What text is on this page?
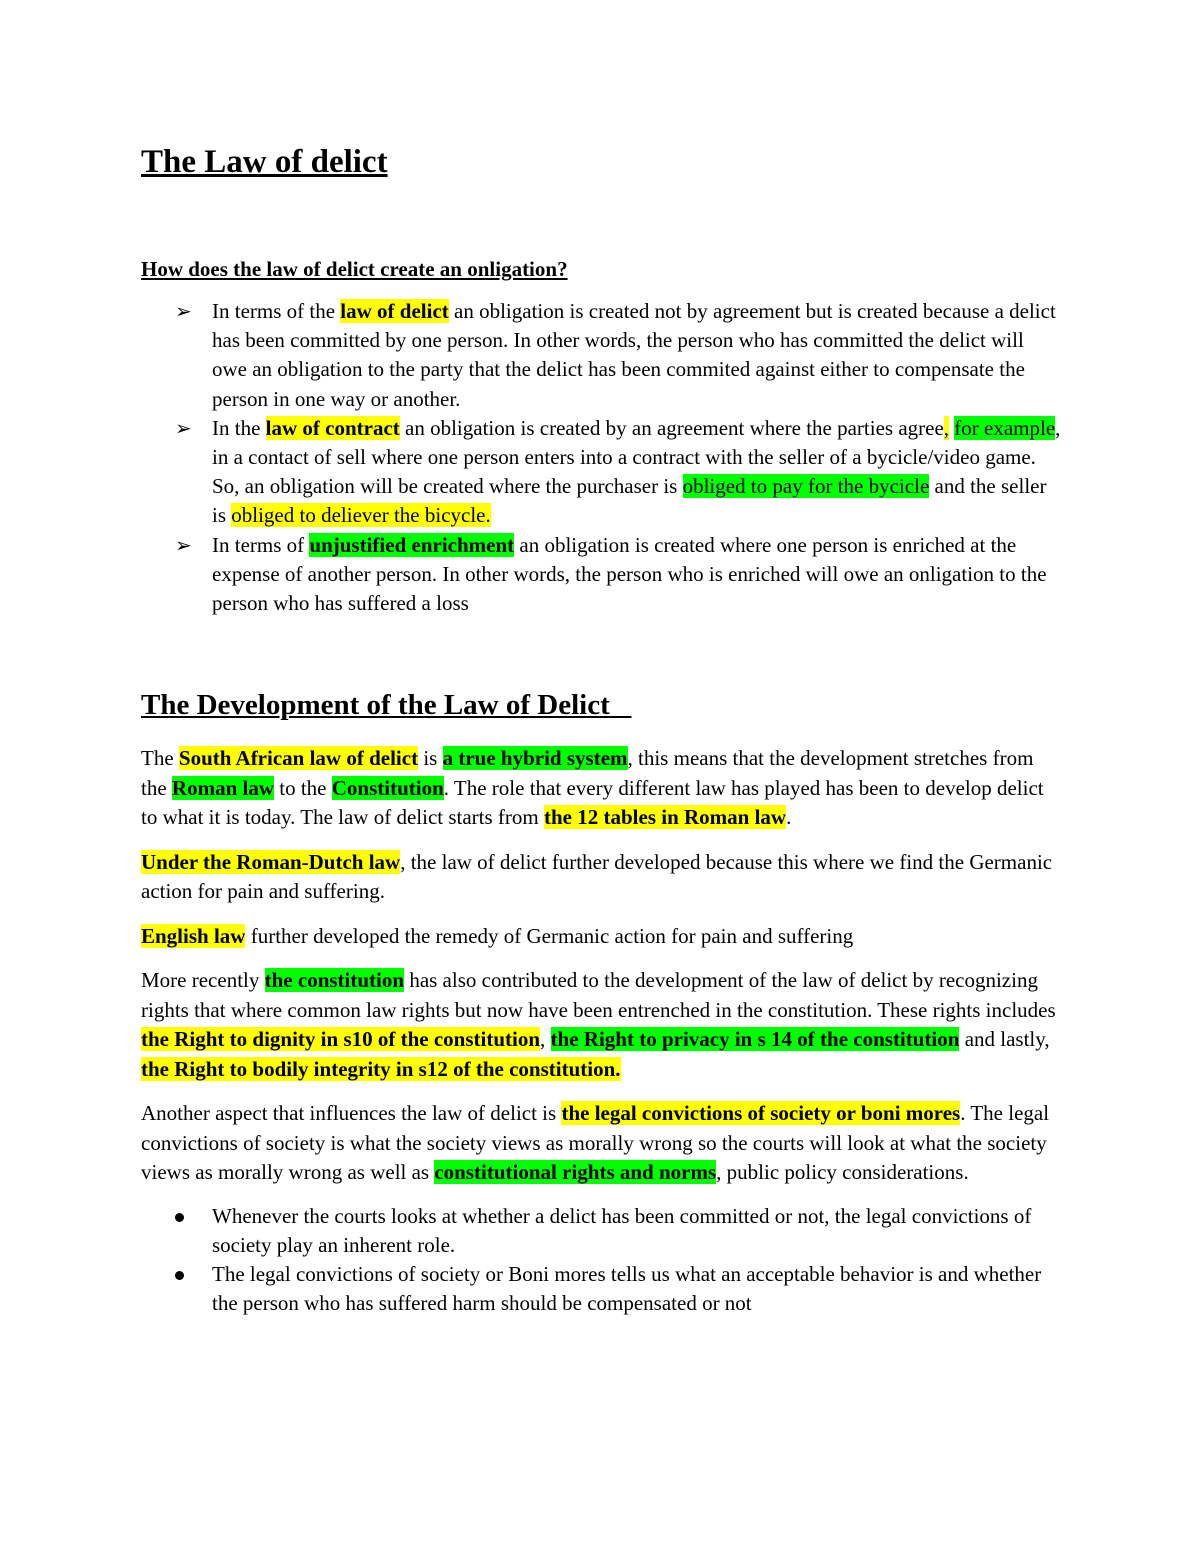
The Law of delict
How does the law of delict create an onligation?
➢ In terms of the law of delict an obligation is created not by agreement but is created because a delict has been committed by one person. In other words, the person who has committed the delict will owe an obligation to the party that the delict has been commited against either to compensate the person in one way or another.
➢ In the law of contract an obligation is created by an agreement where the parties agree, for example, in a contact of sell where one person enters into a contract with the seller of a bycicle/video game. So, an obligation will be created where the purchaser is obliged to pay for the bycicle and the seller is obliged to deliever the bicycle.
➢ In terms of unjustified enrichment an obligation is created where one person is enriched at the expense of another person. In other words, the person who is enriched will owe an onligation to the person who has suffered a loss
The Development of the Law of Delict

The South African law of delict is a true hybrid system, this means that the development stretches from the Roman law to the Constitution. The role that every different law has played has been to develop delict to what it is today. The law of delict starts from the 12 tables in Roman law.

Under the Roman-Dutch law, the law of delict further developed because this where we find the Germanic action for pain and suffering.

English law further developed the remedy of Germanic action for pain and suffering

More recently the constitution has also contributed to the development of the law of delict by recognizing rights that where common law rights but now have been entrenched in the constitution. These rights includes the Right to dignity in s10 of the constitution, the Right to privacy in s 14 of the constitution and lastly, the Right to bodily integrity in s12 of the constitution.

Another aspect that influences the law of delict is the legal convictions of society or boni mores. The legal convictions of society is what the society views as morally wrong so the courts will look at what the society views as morally wrong as well as constitutional rights and norms, public policy considerations.

Whenever the courts looks at whether a delict has been committed or not, the legal convictions of society play an inherent role.
The legal convictions of society or Boni mores tells us what an acceptable behavior is and whether the person who has suffered harm should be compensated or not
